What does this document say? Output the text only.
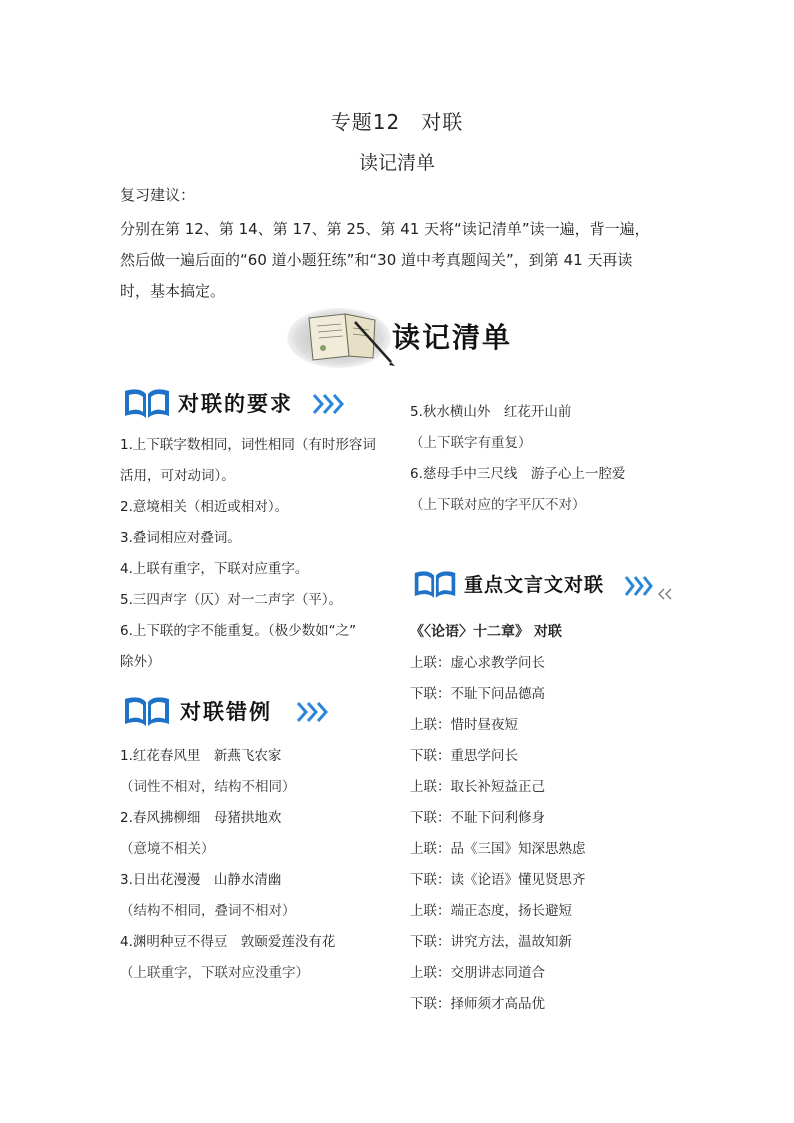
专题12　对联
读记清单
复习建议：
分别在第 12、第 14、第 17、第 25、第 41 天将“读记清单”读一遍，背一遍，
然后做一遍后面的“60 道小题狂练”和“30 道中考真题闯关”，到第 41 天再读
时，基本搞定。
读记清单
对联的要求
1.上下联字数相同，词性相同（有时形容词
活用，可对动词）。
2.意境相关（相近或相对）。
3.叠词相应对叠词。
4.上联有重字，下联对应重字。
5.三四声字（仄）对一二声字（平）。
6.上下联的字不能重复。（极少数如“之”
除外）
对联错例
1.红花春风里　新燕飞农家
（词性不相对，结构不相同）
2.春风拂柳细　母猪拱地欢
（意境不相关）
3.日出花漫漫　山静水清幽
（结构不相同，叠词不相对）
4.渊明种豆不得豆　敦颐爱莲没有花
（上联重字，下联对应没重字）
5.秋水横山外　红花开山前
（上下联字有重复）
6.慈母手中三尺线　游子心上一腔爱
（上下联对应的字平仄不对）
重点文言文对联
《〈论语〉十二章》 对联
上联：虚心求教学问长
下联：不耻下问品德高
上联：惜时昼夜短
下联：重思学问长
上联：取长补短益正己
下联：不耻下问利修身
上联：品《三国》知深思熟虑
下联：读《论语》懂见贤思齐
上联：端正态度，扬长避短
下联：讲究方法，温故知新
上联：交朋讲志同道合
下联：择师须才高品优
